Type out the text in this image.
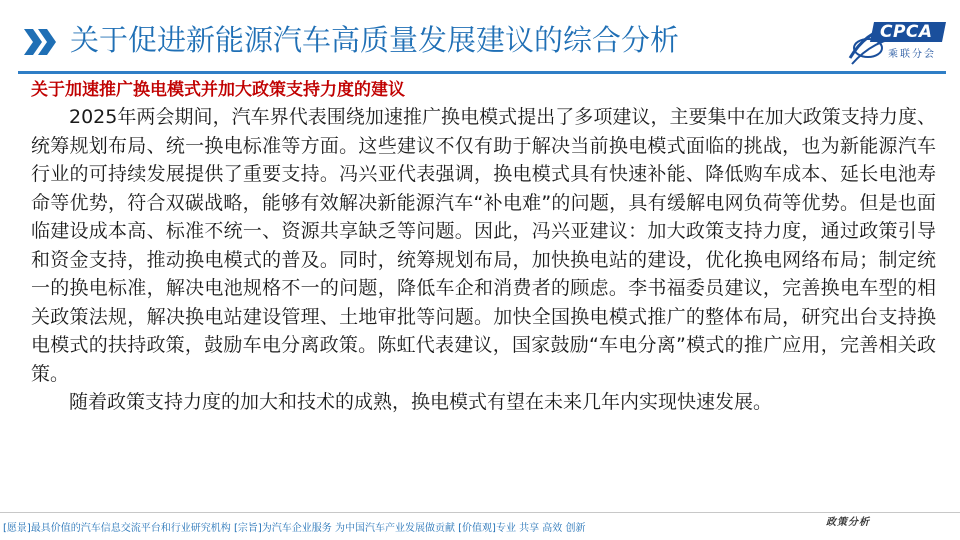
关于促进新能源汽车高质量发展建议的综合分析	CPCA
乘联分会
关于加速推广换电模式并加大政策支持力度的建议

2025年两会期间，汽车界代表围绕加速推广换电模式提出了多项建议，主要集中在加大政策支持力度、统筹规划布局、统一换电标准等方面。这些建议不仅有助于解决当前换电模式面临的挑战，也为新能源汽车行业的可持续发展提供了重要支持。冯兴亚代表强调，换电模式具有快速补能、降低购车成本、延长电池寿命等优势，符合双碳战略，能够有效解决新能源汽车“补电难”的问题，具有缓解电网负荷等优势。但是也面临建设成本高、标准不统一、资源共享缺乏等问题。因此，冯兴亚建议：加大政策支持力度，通过政策引导和资金支持，推动换电模式的普及。同时，统筹规划布局，加快换电站的建设，优化换电网络布局；制定统一的换电标准，解决电池规格不一的问题，降低车企和消费者的顾虑。李书福委员建议，完善换电车型的相关政策法规，解决换电站建设管理、土地审批等问题。加快全国换电模式推广的整体布局，研究出台支持换电模式的扶持政策，鼓励车电分离政策。陈虹代表建议，国家鼓励“车电分离”模式的推广应用，完善相关政策。

随着政策支持力度的加大和技术的成熟，换电模式有望在未来几年内实现快速发展。

政策分析
[愿景]最具价值的汽车信息交流平台和行业研究机构 [宗旨]为汽车企业服务 为中国汽车产业发展做贡献 [价值观]专业 共享 高效 创新
